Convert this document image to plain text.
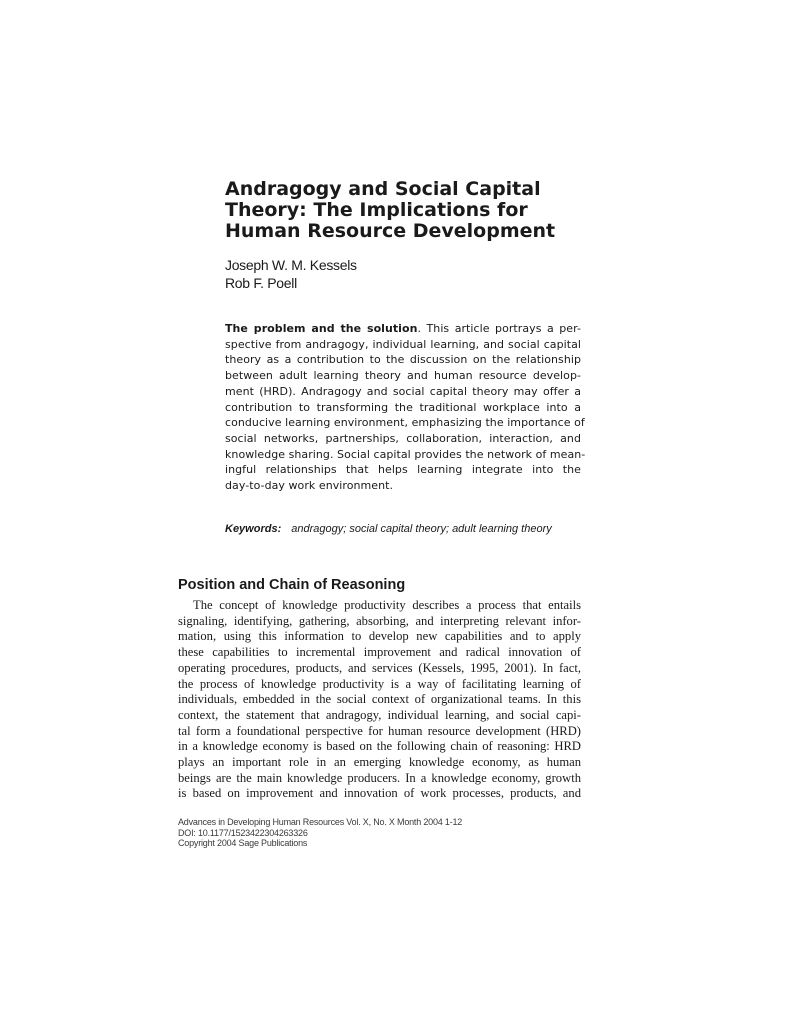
Andragogy and Social Capital
Theory: The Implications for
Human Resource Development
Joseph W. M. Kessels
Rob F. Poell
The problem and the solution. This article portrays a per-
spective from andragogy, individual learning, and social capital
theory as a contribution to the discussion on the relationship
between adult learning theory and human resource develop-
ment (HRD). Andragogy and social capital theory may offer a
contribution to transforming the traditional workplace into a
conducive learning environment, emphasizing the importance of
social networks, partnerships, collaboration, interaction, and
knowledge sharing. Social capital provides the network of mean-
ingful relationships that helps learning integrate into the
day-to-day work environment.
Keywords: andragogy; social capital theory; adult learning theory
Position and Chain of Reasoning
The concept of knowledge productivity describes a process that entails
signaling, identifying, gathering, absorbing, and interpreting relevant infor-
mation, using this information to develop new capabilities and to apply
these capabilities to incremental improvement and radical innovation of
operating procedures, products, and services (Kessels, 1995, 2001). In fact,
the process of knowledge productivity is a way of facilitating learning of
individuals, embedded in the social context of organizational teams. In this
context, the statement that andragogy, individual learning, and social capi-
tal form a foundational perspective for human resource development (HRD)
in a knowledge economy is based on the following chain of reasoning: HRD
plays an important role in an emerging knowledge economy, as human
beings are the main knowledge producers. In a knowledge economy, growth
is based on improvement and innovation of work processes, products, and
Advances in Developing Human Resources Vol. X, No. X Month 2004 1-12
DOI: 10.1177/1523422304263326
Copyright 2004 Sage Publications
